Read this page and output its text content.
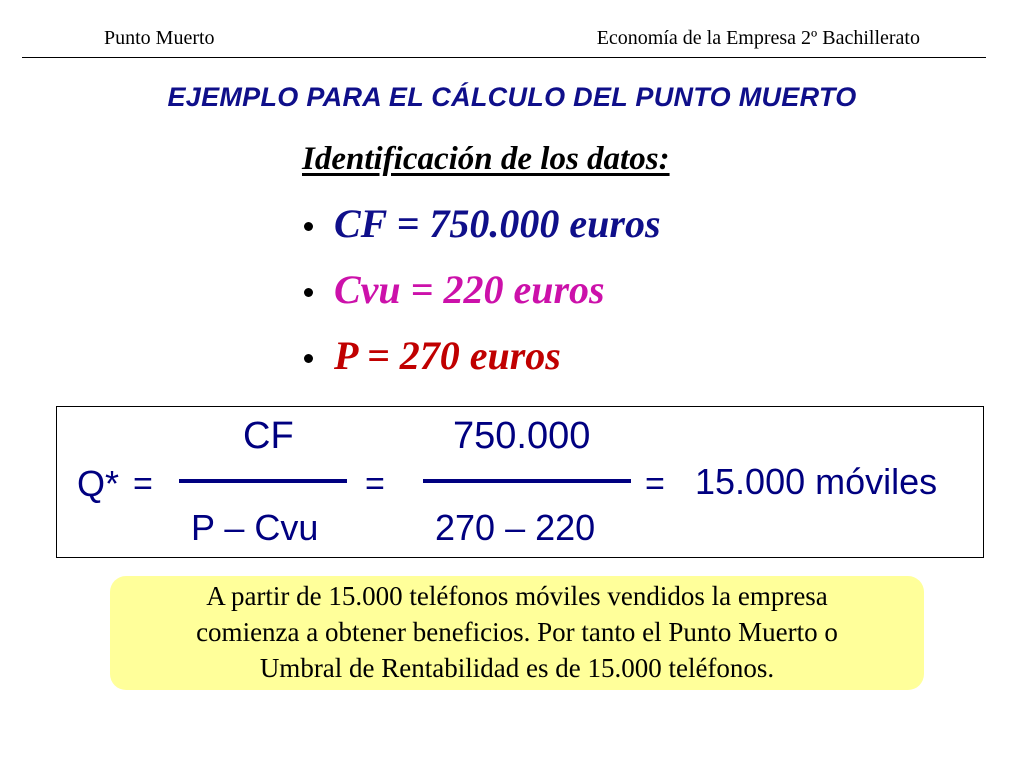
Punto Muerto	Economía de la Empresa 2º Bachillerato
EJEMPLO PARA EL CÁLCULO DEL PUNTO MUERTO
Identificación de los datos:
CF = 750.000 euros
Cvu = 220 euros
P = 270 euros
Q* =
CF
P – Cvu
=
750.000
270 – 220
= 15.000 móviles
A partir de 15.000 teléfonos móviles vendidos la empresa
comienza a obtener beneficios. Por tanto el Punto Muerto o
Umbral de Rentabilidad es de 15.000 teléfonos.
